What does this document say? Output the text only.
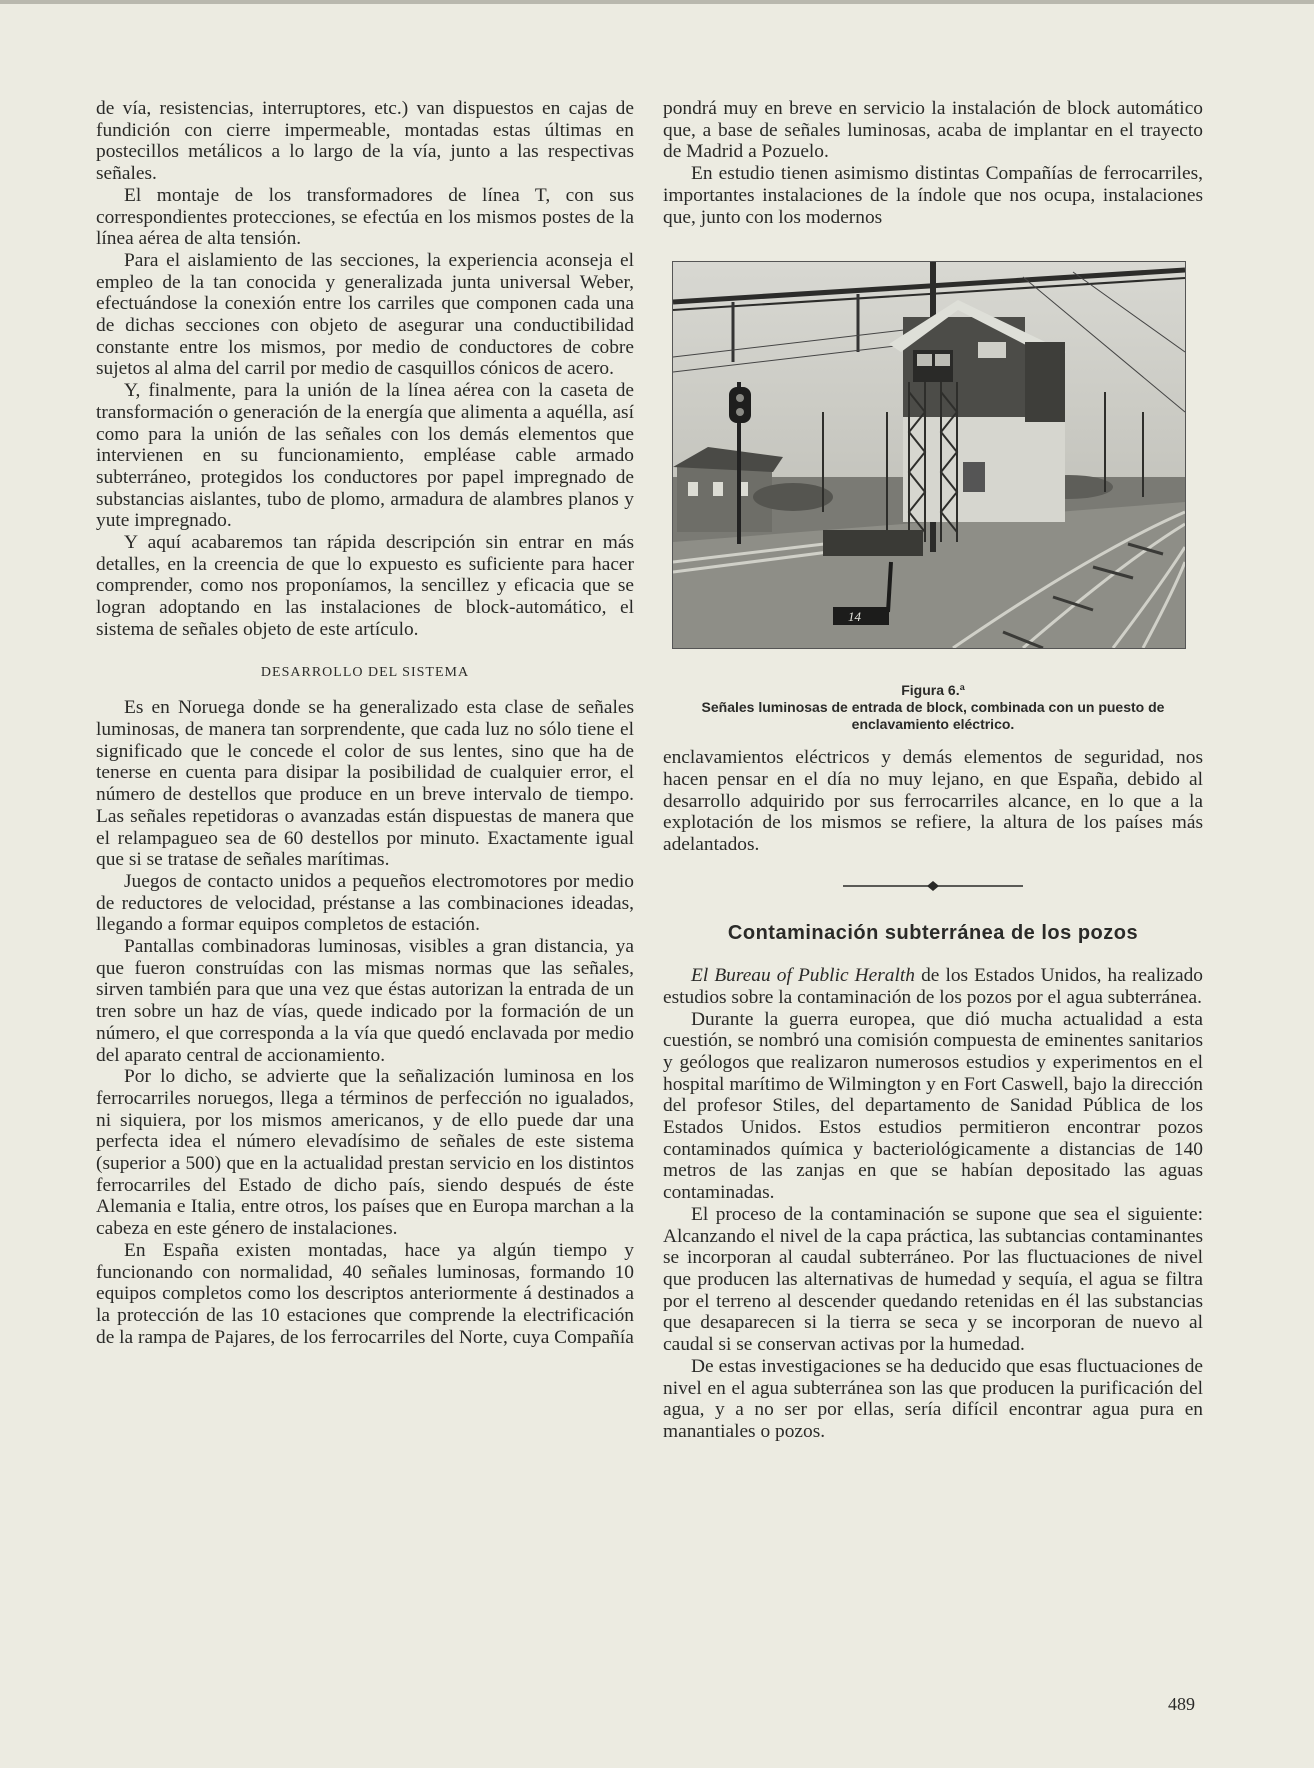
de vía, resistencias, interruptores, etc.) van dispuestos en cajas de fundición con cierre impermeable, montadas estas últimas en postecillos metálicos a lo largo de la vía, junto a las respectivas señales.

El montaje de los transformadores de línea T, con sus correspondientes protecciones, se efectúa en los mismos postes de la línea aérea de alta tensión.

Para el aislamiento de las secciones, la experiencia aconseja el empleo de la tan conocida y generalizada junta universal Weber, efectuándose la conexión entre los carriles que componen cada una de dichas secciones con objeto de asegurar una conductibilidad constante entre los mismos, por medio de conductores de cobre sujetos al alma del carril por medio de casquillos cónicos de acero.

Y, finalmente, para la unión de la línea aérea con la caseta de transformación o generación de la energía que alimenta a aquélla, así como para la unión de las señales con los demás elementos que intervienen en su funcionamiento, empléase cable armado subterráneo, protegidos los conductores por papel impregnado de substancias aislantes, tubo de plomo, armadura de alambres planos y yute impregnado.

Y aquí acabaremos tan rápida descripción sin entrar en más detalles, en la creencia de que lo expuesto es suficiente para hacer comprender, como nos proponíamos, la sencillez y eficacia que se logran adoptando en las instalaciones de block-automático, el sistema de señales objeto de este artículo.

DESARROLLO DEL SISTEMA

Es en Noruega donde se ha generalizado esta clase de señales luminosas, de manera tan sorprendente, que cada luz no sólo tiene el significado que le concede el color de sus lentes, sino que ha de tenerse en cuenta para disipar la posibilidad de cualquier error, el número de destellos que produce en un breve intervalo de tiempo. Las señales repetidoras o avanzadas están dispuestas de manera que el relampagueo sea de 60 destellos por minuto. Exactamente igual que si se tratase de señales marítimas.

Juegos de contacto unidos a pequeños electromotores por medio de reductores de velocidad, préstanse a las combinaciones ideadas, llegando a formar equipos completos de estación.

Pantallas combinadoras luminosas, visibles a gran distancia, ya que fueron construídas con las mismas normas que las señales, sirven también para que una vez que éstas autorizan la entrada de un tren sobre un haz de vías, quede indicado por la formación de un número, el que corresponda a la vía que quedó enclavada por medio del aparato central de accionamiento.

Por lo dicho, se advierte que la señalización luminosa en los ferrocarriles noruegos, llega a términos de perfección no igualados, ni siquiera, por los mismos americanos, y de ello puede dar una perfecta idea el número elevadísimo de señales de este sistema (superior a 500) que en la actualidad prestan servicio en los distintos ferrocarriles del Estado de dicho país, siendo después de éste Alemania e Italia, entre otros, los países que en Europa marchan a la cabeza en este género de instalaciones.

En España existen montadas, hace ya algún tiempo y funcionando con normalidad, 40 señales luminosas, formando 10 equipos completos como los descriptos anteriormente á destinados a la protección de las 10 estaciones que comprende la electrificación de la rampa de Pajares, de los ferrocarriles del Norte, cuya Compañía

pondrá muy en breve en servicio la instalación de block automático que, a base de señales luminosas, acaba de implantar en el trayecto de Madrid a Pozuelo.

En estudio tienen asimismo distintas Compañías de ferrocarriles, importantes instalaciones de la índole que nos ocupa, instalaciones que, junto con los modernos

14
Figura 6.ª
Señales luminosas de entrada de block, combinada con un puesto de enclavamiento eléctrico.

enclavamientos eléctricos y demás elementos de seguridad, nos hacen pensar en el día no muy lejano, en que España, debido al desarrollo adquirido por sus ferrocarriles alcance, en lo que a la explotación de los mismos se refiere, la altura de los países más adelantados.

Contaminación subterránea de los pozos

El Bureau of Public Heralth de los Estados Unidos, ha realizado estudios sobre la contaminación de los pozos por el agua subterránea.

Durante la guerra europea, que dió mucha actualidad a esta cuestión, se nombró una comisión compuesta de eminentes sanitarios y geólogos que realizaron numerosos estudios y experimentos en el hospital marítimo de Wilmington y en Fort Caswell, bajo la dirección del profesor Stiles, del departamento de Sanidad Pública de los Estados Unidos. Estos estudios permitieron encontrar pozos contaminados química y bacteriológicamente a distancias de 140 metros de las zanjas en que se habían depositado las aguas contaminadas.

El proceso de la contaminación se supone que sea el siguiente: Alcanzando el nivel de la capa práctica, las subtancias contaminantes se incorporan al caudal subterráneo. Por las fluctuaciones de nivel que producen las alternativas de humedad y sequía, el agua se filtra por el terreno al descender quedando retenidas en él las substancias que desaparecen si la tierra se seca y se incorporan de nuevo al caudal si se conservan activas por la humedad.

De estas investigaciones se ha deducido que esas fluctuaciones de nivel en el agua subterránea son las que producen la purificación del agua, y a no ser por ellas, sería difícil encontrar agua pura en manantiales o pozos.

489
